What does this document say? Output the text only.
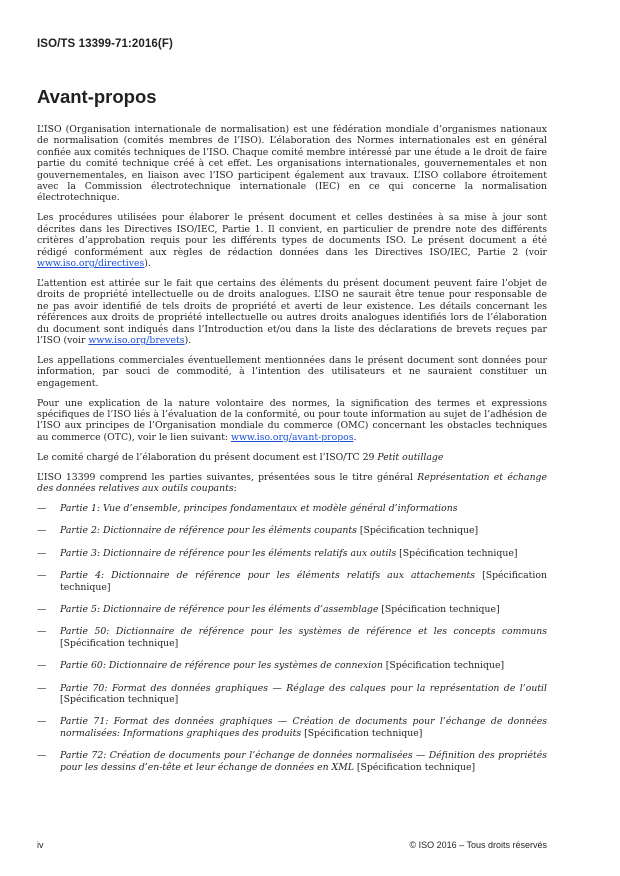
ISO/TS 13399-71:2016(F)
Avant-propos

L’ISO (Organisation internationale de normalisation) est une fédération mondiale d’organismes nationaux de normalisation (comités membres de l’ISO). L’élaboration des Normes internationales est en général confiée aux comités techniques de l’ISO. Chaque comité membre intéressé par une étude a le droit de faire partie du comité technique créé à cet effet. Les organisations internationales, gouvernementales et non gouvernementales, en liaison avec l’ISO participent également aux travaux. L’ISO collabore étroitement avec la Commission électrotechnique internationale (IEC) en ce qui concerne la normalisation électrotechnique.

Les procédures utilisées pour élaborer le présent document et celles destinées à sa mise à jour sont décrites dans les Directives ISO/IEC, Partie 1. Il convient, en particulier de prendre note des différents critères d’approbation requis pour les différents types de documents ISO. Le présent document a été rédigé conformément aux règles de rédaction données dans les Directives ISO/IEC, Partie 2 (voir www.iso.org/directives).

L’attention est attirée sur le fait que certains des éléments du présent document peuvent faire l’objet de droits de propriété intellectuelle ou de droits analogues. L’ISO ne saurait être tenue pour responsable de ne pas avoir identifié de tels droits de propriété et averti de leur existence. Les détails concernant les références aux droits de propriété intellectuelle ou autres droits analogues identifiés lors de l’élaboration du document sont indiqués dans l’Introduction et/ou dans la liste des déclarations de brevets reçues par l’ISO (voir www.iso.org/brevets).

Les appellations commerciales éventuellement mentionnées dans le présent document sont données pour information, par souci de commodité, à l’intention des utilisateurs et ne sauraient constituer un engagement.

Pour une explication de la nature volontaire des normes, la signification des termes et expressions spécifiques de l’ISO liés à l’évaluation de la conformité, ou pour toute information au sujet de l’adhésion de l’ISO aux principes de l’Organisation mondiale du commerce (OMC) concernant les obstacles techniques au commerce (OTC), voir le lien suivant: www.iso.org/avant-propos.

Le comité chargé de l’élaboration du présent document est l’ISO/TC 29 Petit outillage

L’ISO 13399 comprend les parties suivantes, présentées sous le titre général Représentation et échange des données relatives aux outils coupants:

— Partie 1: Vue d’ensemble, principes fondamentaux et modèle général d’informations
— Partie 2: Dictionnaire de référence pour les éléments coupants [Spécification technique]
— Partie 3: Dictionnaire de référence pour les éléments relatifs aux outils [Spécification technique]
— Partie 4: Dictionnaire de référence pour les éléments relatifs aux attachements [Spécification technique]
— Partie 5: Dictionnaire de référence pour les éléments d’assemblage [Spécification technique]
— Partie 50: Dictionnaire de référence pour les systèmes de référence et les concepts communs [Spécification technique]
— Partie 60: Dictionnaire de référence pour les systèmes de connexion [Spécification technique]
— Partie 70: Format des données graphiques — Réglage des calques pour la représentation de l’outil [Spécification technique]
— Partie 71: Format des données graphiques — Création de documents pour l’échange de données normalisées: Informations graphiques des produits [Spécification technique]
— Partie 72: Création de documents pour l’échange de données normalisées — Définition des propriétés pour les dessins d’en-tête et leur échange de données en XML [Spécification technique]
iv	© ISO 2016 – Tous droits réservés
